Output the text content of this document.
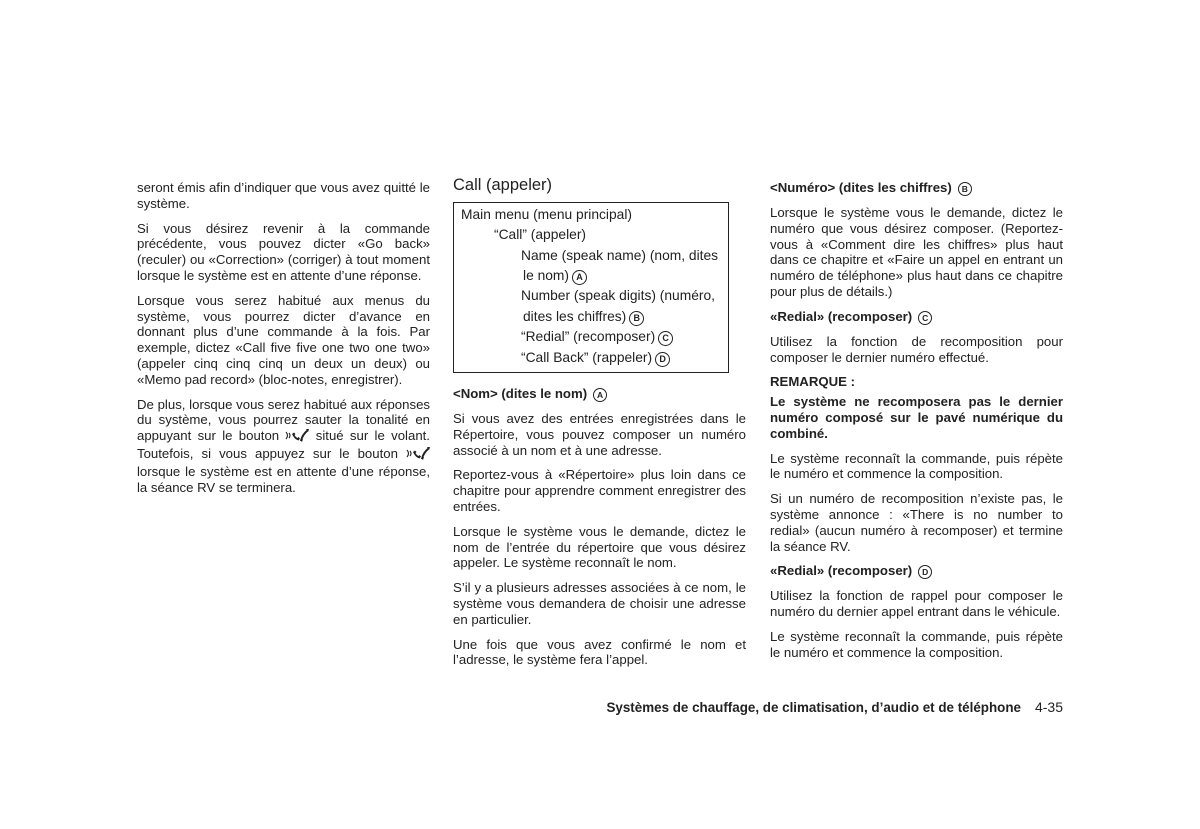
seront émis afin d’indiquer que vous avez quitté le système.

Si vous désirez revenir à la commande précédente, vous pouvez dicter «Go back» (reculer) ou «Correction» (corriger) à tout moment lorsque le système est en attente d’une réponse.

Lorsque vous serez habitué aux menus du système, vous pourrez dicter d’avance en donnant plus d’une commande à la fois. Par exemple, dictez «Call five five one two one two» (appeler cinq cinq cinq un deux un deux) ou «Memo pad record» (bloc-notes, enregistrer).

De plus, lorsque vous serez habitué aux réponses du système, vous pourrez sauter la tonalité en appuyant sur le bouton	situé sur le volant. Toutefois, si vous appuyez sur le bouton  lorsque le système est en attente d’une réponse, la séance RV se terminera.

Call (appeler)
Main menu (menu principal)
“Call” (appeler)
Name (speak name) (nom, dites
le nom) A
Number (speak digits) (numéro,
dites les chiffres) B
“Redial” (recomposer) C
“Call Back” (rappeler) D
<Nom> (dites le nom) A

Si vous avez des entrées enregistrées dans le Répertoire, vous pouvez composer un numéro associé à un nom et à une adresse.

Reportez-vous à «Répertoire» plus loin dans ce chapitre pour apprendre comment enregistrer des entrées.

Lorsque le système vous le demande, dictez le nom de l’entrée du répertoire que vous désirez appeler. Le système reconnaît le nom.

S’il y a plusieurs adresses associées à ce nom, le système vous demandera de choisir une adresse en particulier.

Une fois que vous avez confirmé le nom et l’adresse, le système fera l’appel.

<Numéro> (dites les chiffres) B

Lorsque le système vous le demande, dictez le numéro que vous désirez composer. (Reportez-vous à «Comment dire les chiffres» plus haut dans ce chapitre et «Faire un appel en entrant un numéro de téléphone» plus haut dans ce chapitre pour plus de détails.)

«Redial» (recomposer) C

Utilisez la fonction de recomposition pour composer le dernier numéro effectué.

REMARQUE :

Le système ne recomposera pas le dernier numéro composé sur le pavé numérique du combiné.

Le système reconnaît la commande, puis répète le numéro et commence la composition.

Si un numéro de recomposition n’existe pas, le système annonce : «There is no number to redial» (aucun numéro à recomposer) et termine la séance RV.

«Redial» (recomposer) D

Utilisez la fonction de rappel pour composer le numéro du dernier appel entrant dans le véhicule.

Le système reconnaît la commande, puis répète le numéro et commence la composition.

Systèmes de chauffage, de climatisation, d’audio et de téléphone 4-35
